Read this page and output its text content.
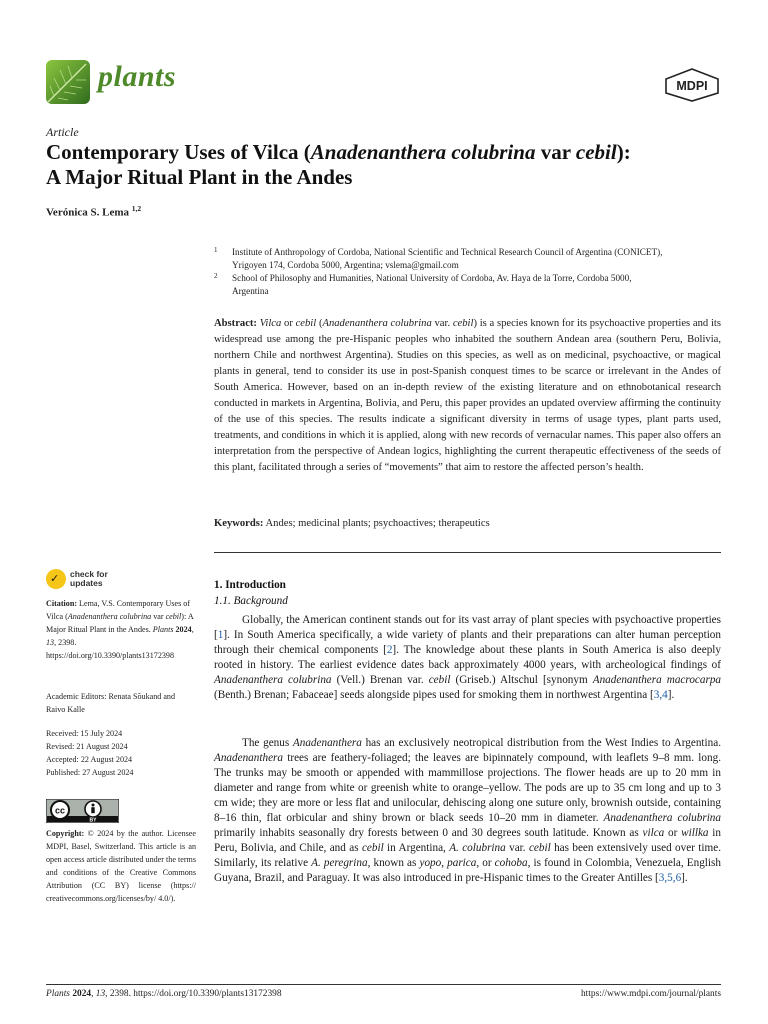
plants	MDPI
Article
Contemporary Uses of Vilca (Anadenanthera colubrina var cebil):
A Major Ritual Plant in the Andes
Verónica S. Lema $^{1,2}$
1 Institute of Anthropology of Cordoba, National Scientific and Technical Research Council of Argentina (CONICET), Yrigoyen 174, Cordoba 5000, Argentina; vslema@gmail.com
2 School of Philosophy and Humanities, National University of Cordoba, Av. Haya de la Torre, Cordoba 5000, Argentina
Abstract: Vilca or cebil (Anadenanthera colubrina var. cebil) is a species known for its psychoactive properties and its widespread use among the pre-Hispanic peoples who inhabited the southern Andean area (southern Peru, Bolivia, northern Chile and northwest Argentina). Studies on this species, as well as on medicinal, psychoactive, or magical plants in general, tend to consider its use in post-Spanish conquest times to be scarce or irrelevant in the Andes of South America. However, based on an in-depth review of the existing literature and on ethnobotanical research conducted in markets in Argentina, Bolivia, and Peru, this paper provides an updated overview affirming the continuity of the use of this species. The results indicate a significant diversity in terms of usage types, plant parts used, treatments, and conditions in which it is applied, along with new records of vernacular names. This paper also offers an interpretation from the perspective of Andean logics, highlighting the current therapeutic effectiveness of the seeds of this plant, facilitated through a series of “movements” that aim to restore the affected person’s health.
Keywords: Andes; medicinal plants; psychoactives; therapeutics
✓ check for
updates
Citation: Lema, V.S. Contemporary Uses of Vilca (Anadenanthera colubrina var cebil): A Major Ritual Plant in the Andes. Plants 2024, 13, 2398. https://doi.org/10.3390/plants13172398
Academic Editors: Renata Sõukand and Raivo Kalle
Received: 15 July 2024
Revised: 21 August 2024
Accepted: 22 August 2024
Published: 27 August 2024
cc
BY
Copyright: © 2024 by the author. Licensee MDPI, Basel, Switzerland. This article is an open access article distributed under the terms and conditions of the Creative Commons Attribution (CC BY) license (https:// creativecommons.org/licenses/by/ 4.0/).
1. Introduction
1.1. Background
Globally, the American continent stands out for its vast array of plant species with psychoactive properties [1]. In South America specifically, a wide variety of plants and their preparations can alter human perception through their chemical components [2]. The knowledge about these plants in South America is also deeply rooted in history. The earliest evidence dates back approximately 4000 years, with archeological findings of Anadenanthera colubrina (Vell.) Brenan var. cebil (Griseb.) Altschul [synonym Anadenanthera macrocarpa (Benth.) Brenan; Fabaceae] seeds alongside pipes used for smoking them in northwest Argentina [3,4].
The genus Anadenanthera has an exclusively neotropical distribution from the West Indies to Argentina. Anadenanthera trees are feathery-foliaged; the leaves are bipinnately compound, with leaflets 9–8 mm. long. The trunks may be smooth or appended with mammillose projections. The flower heads are up to 20 mm in diameter and range from white or greenish white to orange–yellow. The pods are up to 35 cm long and up to 3 cm wide; they are more or less flat and unilocular, dehiscing along one suture only, brownish outside, containing 8–16 thin, flat orbicular and shiny brown or black seeds 10–20 mm in diameter. Anadenanthera colubrina primarily inhabits seasonally dry forests between 0 and 30 degrees south latitude. Known as vilca or willka in Peru, Bolivia, and Chile, and as cebil in Argentina, A. colubrina var. cebil has been extensively used over time. Similarly, its relative A. peregrina, known as yopo, parica, or cohoba, is found in Colombia, Venezuela, English Guyana, Brazil, and Paraguay. It was also introduced in pre-Hispanic times to the Greater Antilles [3,5,6].
Plants 2024, 13, 2398. https://doi.org/10.3390/plants13172398	https://www.mdpi.com/journal/plants
